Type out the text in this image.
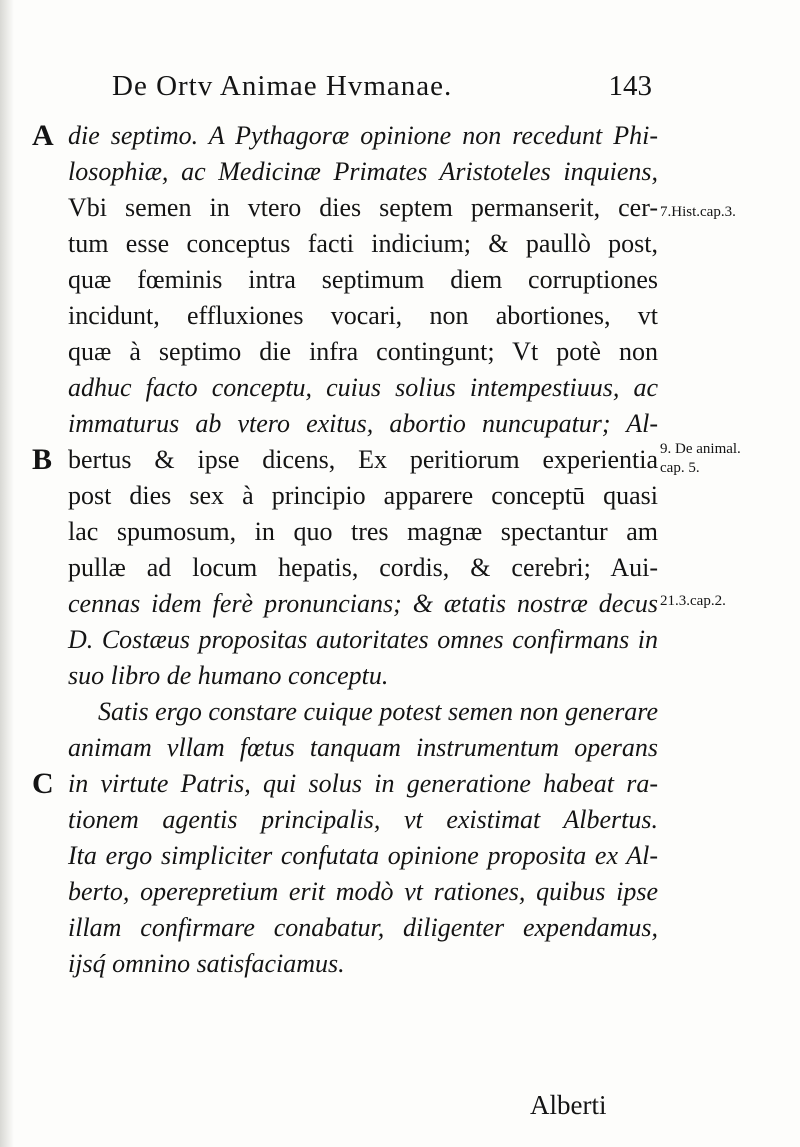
De Ortv Animae Hvmanae.	143
A
B
C
7.Hist.cap.3.
9. De animal.
cap. 5.
21.3.cap.2.
die septimo. A Pythagoræ opinione non recedunt Phi-
losophiæ, ac Medicinæ Primates Aristoteles inquiens,
Vbi semen in vtero dies septem permanserit, cer-
tum esse conceptus facti indicium; & paullò post,
quæ fœminis intra septimum diem corruptiones
incidunt, effluxiones vocari, non abortiones, vt
quæ à septimo die infra contingunt; Vt potè non
adhuc facto conceptu, cuius solius intempestiuus, ac
immaturus ab vtero exitus, abortio nuncupatur; Al-
bertus & ipse dicens, Ex peritiorum experientia
post dies sex à principio apparere conceptū quasi
lac spumosum, in quo tres magnæ spectantur am
pullæ ad locum hepatis, cordis, & cerebri; Aui-
cennas idem ferè pronuncians; & ætatis nostræ decus
D. Costæus propositas autoritates omnes confirmans in
suo libro de humano conceptu.
Satis ergo constare cuique potest semen non generare
animam vllam fœtus tanquam instrumentum operans
in virtute Patris, qui solus in generatione habeat ra-
tionem agentis principalis, vt existimat Albertus.
Ita ergo simpliciter confutata opinione proposita ex Al-
berto, operepretium erit modò vt rationes, quibus ipse
illam confirmare conabatur, diligenter expendamus,
ijsq́ omnino satisfaciamus.
Alberti
